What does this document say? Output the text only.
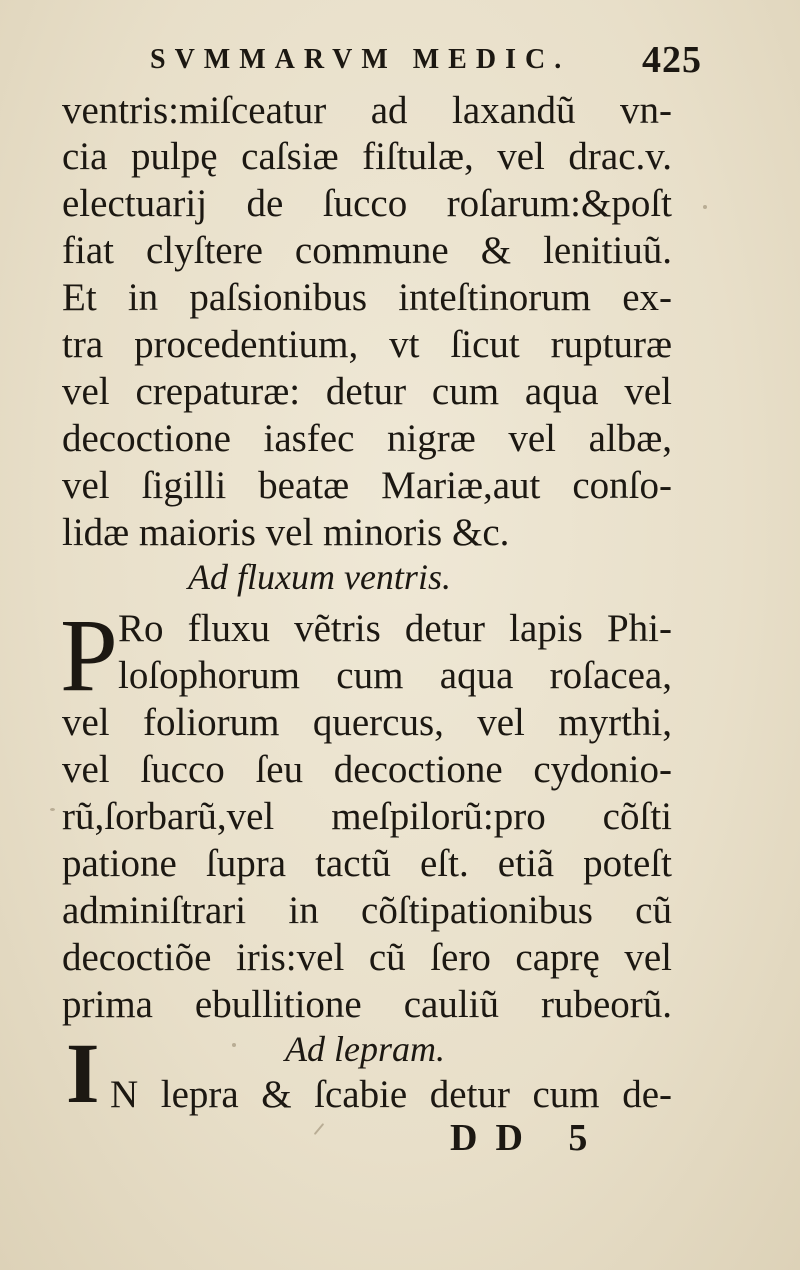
SVMMARVM MEDIC. 425
ventris:miſceatur ad laxandũ vn-
cia pulpę caſsiæ fiſtulæ, vel drac.v.
electuarij de ſucco roſarum:&poſt
fiat clyſtere commune & lenitiuũ.
Et in paſsionibus inteſtinorum ex-
tra procedentium, vt ſicut rupturæ
vel crepaturæ: detur cum aqua vel
decoctione iasfec nigræ vel albæ,
vel ſigilli beatæ Mariæ,aut conſo-
lidæ maioris vel minoris &c.
Ad fluxum ventris.
P Ro fluxu vẽtris detur lapis Phi-
loſophorum cum aqua roſacea,
vel foliorum quercus, vel myrthi,
vel ſucco ſeu decoctione cydonio-
rũ,ſorbarũ,vel meſpilorũ:pro cõſti
patione ſupra tactũ eſt. etiã poteſt
adminiſtrari in cõſtipationibus cũ
decoctiõe iris:vel cũ ſero caprę vel
prima ebullitione cauliũ rubeorũ.
Ad lepram.
I N lepra & ſcabie detur cum de-
DD 5
